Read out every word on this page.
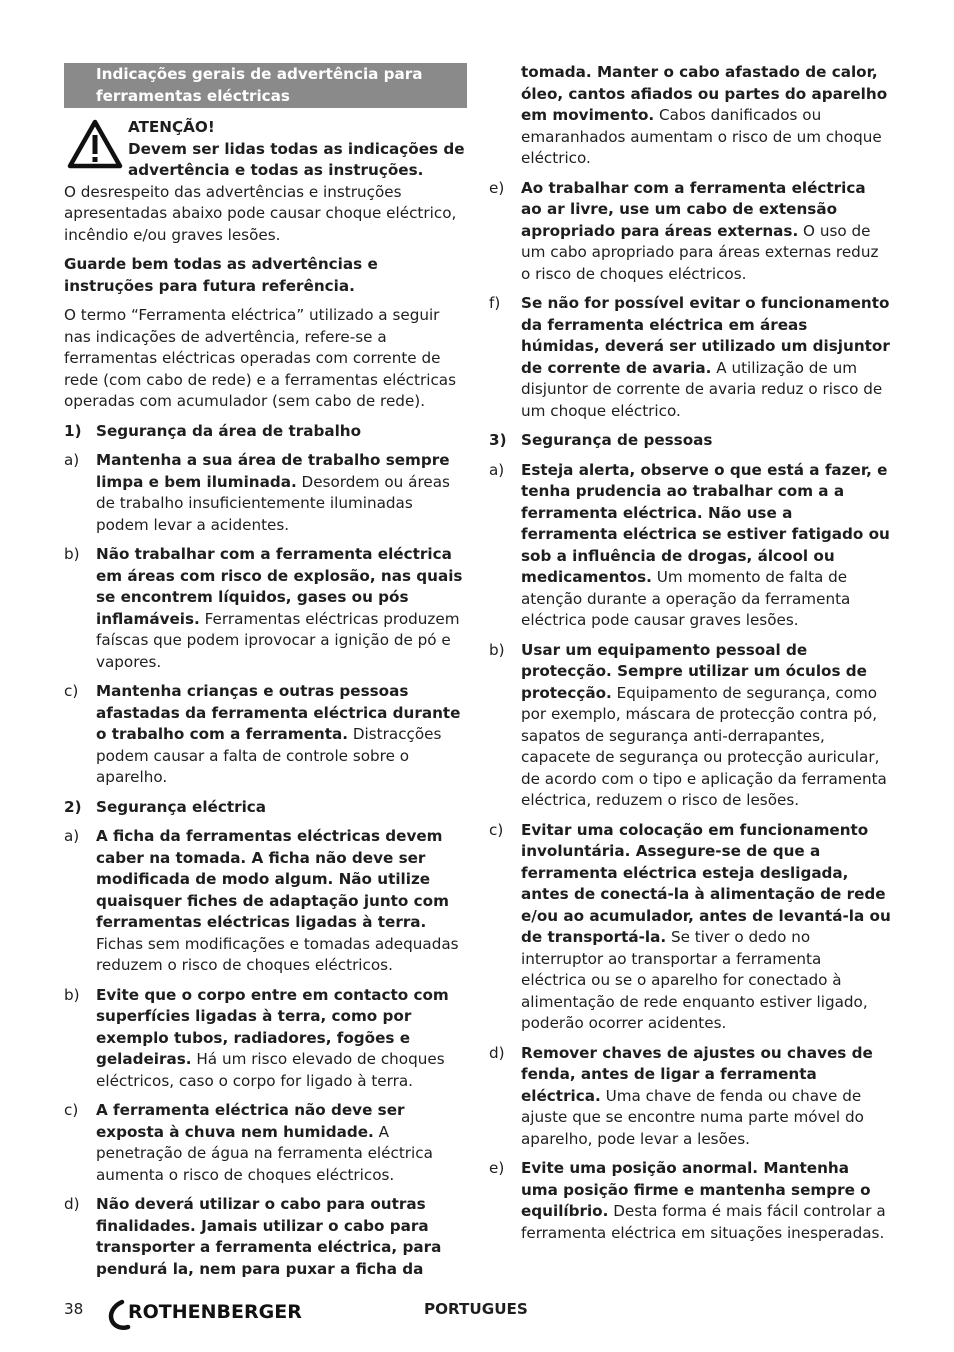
Indicações gerais de advertência para ferramentas eléctricas

ATENÇÃO!

Devem ser lidas todas as indicações de advertência e todas as instruções.

O desrespeito das advertências e instruções apresentadas abaixo pode causar choque eléctrico, incêndio e/ou graves lesões.

Guarde bem todas as advertências e instruções para futura referência.

O termo “Ferramenta eléctrica” utilizado a seguir nas indicações de advertência, refere-se a ferramentas eléctricas operadas com corrente de rede (com cabo de rede) e a ferramentas eléctricas operadas com acumulador (sem cabo de rede).

1) Segurança da área de trabalho
a) Mantenha a sua área de trabalho sempre limpa e bem iluminada. Desordem ou áreas de trabalho insuficientemente iluminadas podem levar a acidentes.
b) Não trabalhar com a ferramenta eléctrica em áreas com risco de explosão, nas quais se encontrem líquidos, gases ou pós inflamáveis. Ferramentas eléctricas produzem faíscas que podem iprovocar a ignição de pó e vapores.
c) Mantenha crianças e outras pessoas afastadas da ferramenta eléctrica durante o trabalho com a ferramenta. Distracções podem causar a falta de controle sobre o aparelho.
2) Segurança eléctrica
a) A ficha da ferramentas eléctricas devem caber na tomada. A ficha não deve ser modificada de modo algum. Não utilize quaisquer fiches de adaptação junto com ferramentas eléctricas ligadas à terra. Fichas sem modificações e tomadas adequadas reduzem o risco de choques eléctricos.
b) Evite que o corpo entre em contacto com superfícies ligadas à terra, como por exemplo tubos, radiadores, fogões e geladeiras. Há um risco elevado de choques eléctricos, caso o corpo for ligado à terra.
c) A ferramenta eléctrica não deve ser exposta à chuva nem humidade. A penetração de água na ferramenta eléctrica aumenta o risco de choques eléctricos.
d) Não deverá utilizar o cabo para outras finalidades. Jamais utilizar o cabo para transporter a ferramenta eléctrica, para pendurá la, nem para puxar a ficha da
tomada. Manter o cabo afastado de calor, óleo, cantos afiados ou partes do aparelho em movimento. Cabos danificados ou emaranhados aumentam o risco de um choque eléctrico.
e) Ao trabalhar com a ferramenta eléctrica ao ar livre, use um cabo de extensão apropriado para áreas externas. O uso de um cabo apropriado para áreas externas reduz o risco de choques eléctricos.
f) Se não for possível evitar o funcionamento da ferramenta eléctrica em áreas húmidas, deverá ser utilizado um disjuntor de corrente de avaria. A utilização de um disjuntor de corrente de avaria reduz o risco de um choque eléctrico.
3) Segurança de pessoas
a) Esteja alerta, observe o que está a fazer, e tenha prudencia ao trabalhar com a a ferramenta eléctrica. Não use a ferramenta eléctrica se estiver fatigado ou sob a influência de drogas, álcool ou medicamentos. Um momento de falta de atenção durante a operação da ferramenta eléctrica pode causar graves lesões.
b) Usar um equipamento pessoal de protecção. Sempre utilizar um óculos de protecção. Equipamento de segurança, como por exemplo, máscara de protecção contra pó, sapatos de segurança anti-derrapantes, capacete de segurança ou protecção auricular, de acordo com o tipo e aplicação da ferramenta eléctrica, reduzem o risco de lesões.
c) Evitar uma colocação em funcionamento involuntária. Assegure-se de que a ferramenta eléctrica esteja desligada, antes de conectá-la à alimentação de rede e/ou ao acumulador, antes de levantá-la ou de transportá-la. Se tiver o dedo no interruptor ao transportar a ferramenta eléctrica ou se o aparelho for conectado à alimentação de rede enquanto estiver ligado, poderão ocorrer acidentes.
d) Remover chaves de ajustes ou chaves de fenda, antes de ligar a ferramenta eléctrica. Uma chave de fenda ou chave de ajuste que se encontre numa parte móvel do aparelho, pode levar a lesões.
e) Evite uma posição anormal. Mantenha uma posição firme e mantenha sempre o equilíbrio. Desta forma é mais fácil controlar a ferramenta eléctrica em situações inesperadas.
38 ROTHENBERGER	PORTUGUES
